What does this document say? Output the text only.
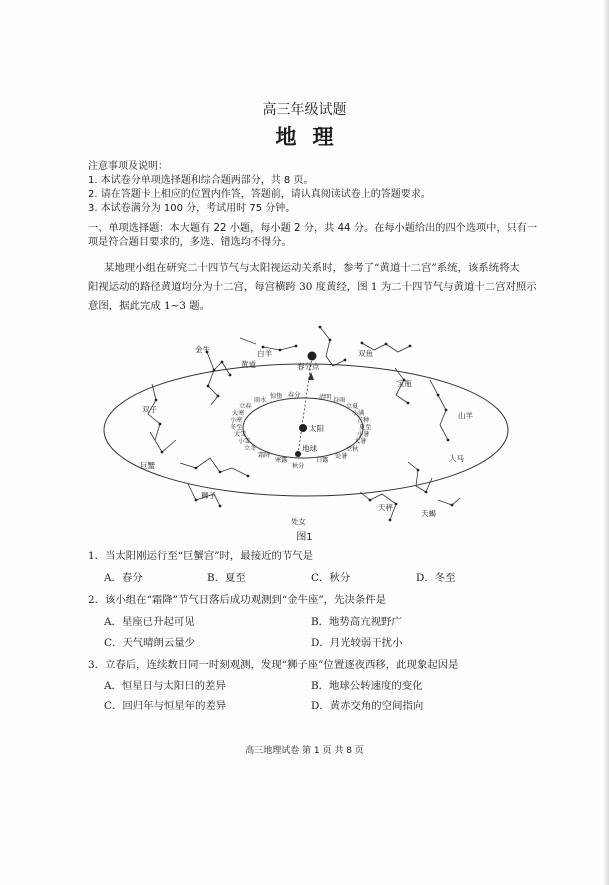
高三年级试题
地理
注意事项及说明：
1. 本试卷分单项选择题和综合题两部分，共 8 页。
2. 请在答题卡上相应的位置内作答，答题前，请认真阅读试卷上的答题要求。
3. 本试卷满分为 100 分，考试用时 75 分钟。
一、单项选择题：本大题有 22 小题，每小题 2 分，共 44 分。在每小题给出的四个选项中，只有一
项是符合题目要求的，多选、错选均不得分。
某地理小组在研究二十四节气与太阳视运动关系时，参考了“黄道十二宫”系统，该系统将太
阳视运动的路径黄道均分为十二宫，每宫横跨 30 度黄经，图 1 为二十四节气与黄道十二宫对照示
意图，据此完成 1~3 题。
白羊
金牛
双子
巨蟹
狮子
处女
天秤
天蝎
人马
山羊
宝瓶
双鱼
黄道	春分点
太阳
地球
清明 谷雨
立夏
小满
芒种
夏至
小暑
大暑
立秋
处暑
白露
秋分
寒露
霜降
立冬
小雪
大雪
冬至
小寒
大寒
立春
雨水
惊蛰 春分
图1
1．当太阳刚运行至“巨蟹宫”时，最接近的节气是
A．春分	B．夏至	C．秋分	D．冬至
2．该小组在“霜降”节气日落后成功观测到“金牛座”，先决条件是
A．星座已升起可见	B．地势高亢视野广
C．天气晴朗云量少	D．月光较弱干扰小
3．立春后，连续数日同一时刻观测，发现“狮子座”位置逐夜西移，此现象起因是
A．恒星日与太阳日的差异	B．地球公转速度的变化
C．回归年与恒星年的差异	D．黄赤交角的空间指向
高三地理试卷 第 1 页 共 8 页
